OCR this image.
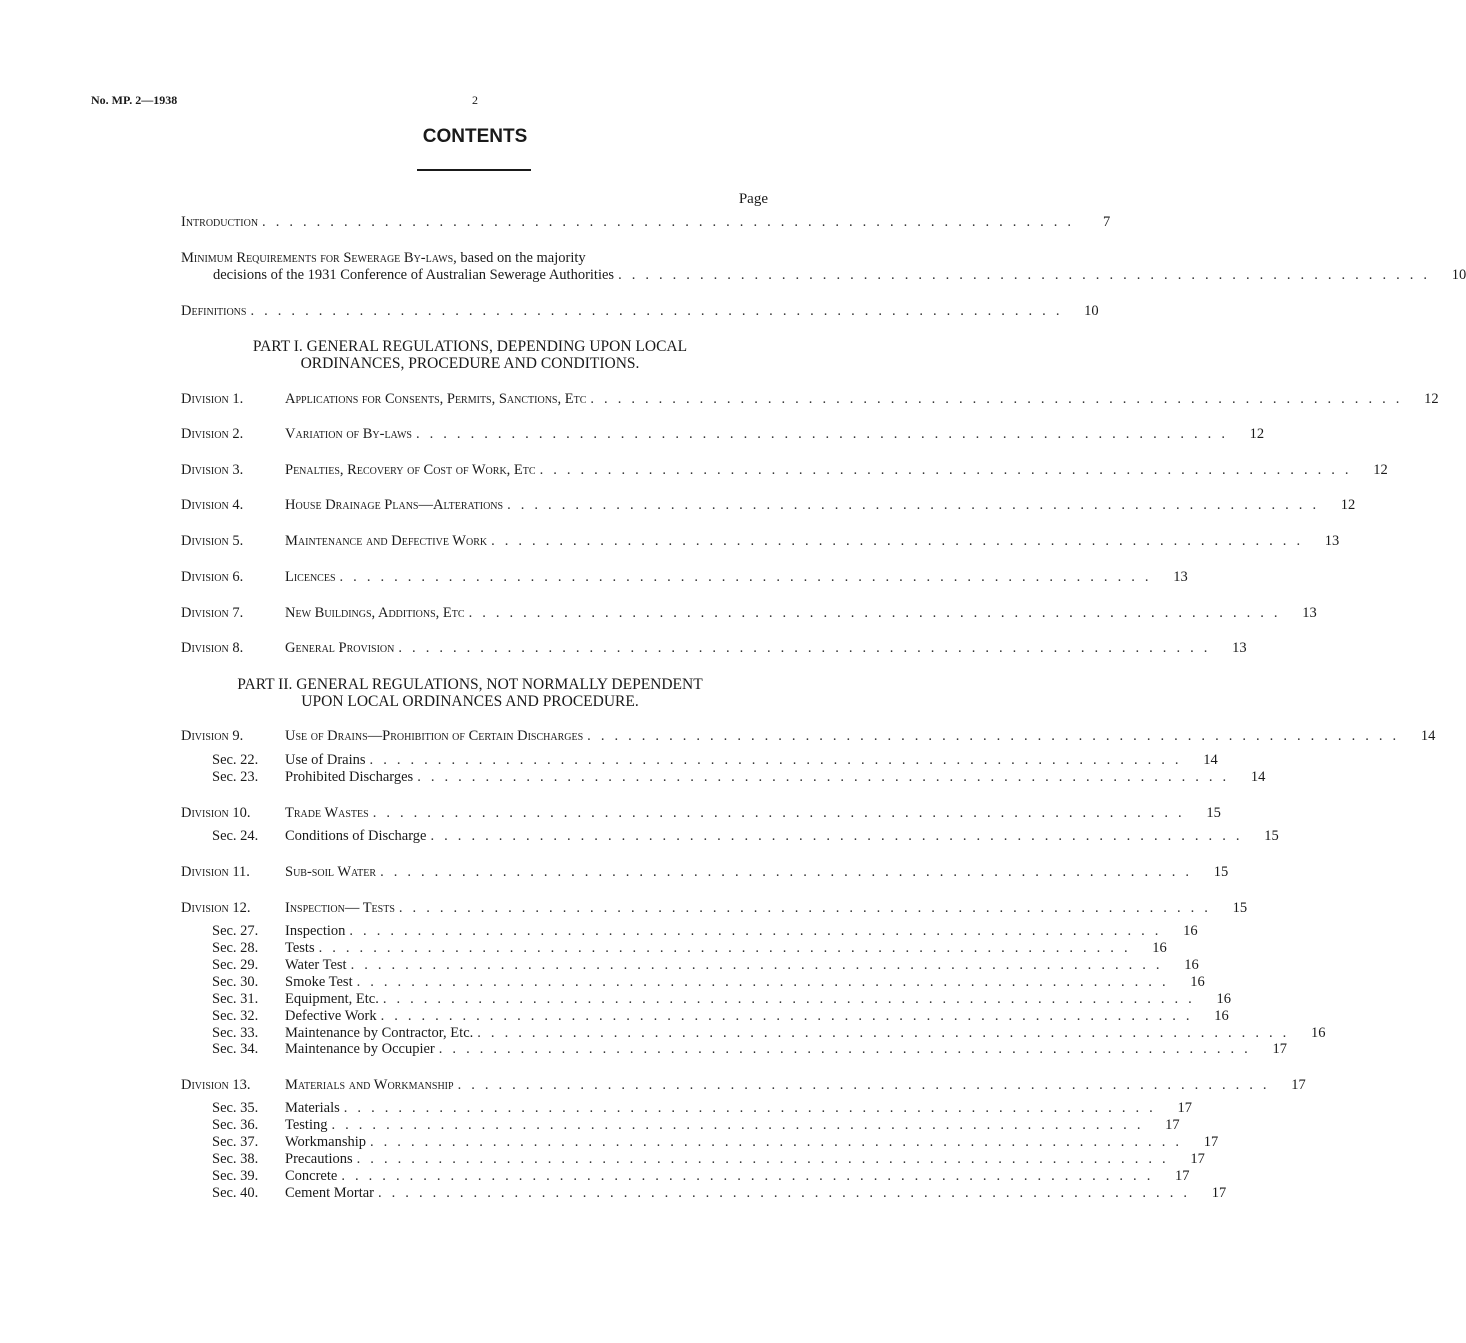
No. MP. 2—1938	2
CONTENTS
Page
Introduction . . . . . . . . . . . . . . . . . . . . . . . . . . . . . . . . . . . . . . . . . . . . . . . . . . . . . . . . . . . .	7
Minimum Requirements for Sewerage By-laws, based on the majority
decisions of the 1931 Conference of Australian Sewerage Authorities . . . . . . . . . . . . . . . . . . . . . . . . . . . . . . . . . . . . . . . . . . . . . . . . . . . . . . . . . . . .	10
Definitions . . . . . . . . . . . . . . . . . . . . . . . . . . . . . . . . . . . . . . . . . . . . . . . . . . . . . . . . . . . .	10
PART I. GENERAL REGULATIONS, DEPENDING UPON LOCAL
ORDINANCES, PROCEDURE AND CONDITIONS.
Division 1.	Applications for Consents, Permits, Sanctions, Etc . . . . . . . . . . . . . . . . . . . . . . . . . . . . . . . . . . . . . . . . . . . . . . . . . . . . . . . . . . . .	12
Division 2.	Variation of By-laws . . . . . . . . . . . . . . . . . . . . . . . . . . . . . . . . . . . . . . . . . . . . . . . . . . . . . . . . . . . .	12
Division 3.	Penalties, Recovery of Cost of Work, Etc . . . . . . . . . . . . . . . . . . . . . . . . . . . . . . . . . . . . . . . . . . . . . . . . . . . . . . . . . . . .	12
Division 4.	House Drainage Plans—Alterations . . . . . . . . . . . . . . . . . . . . . . . . . . . . . . . . . . . . . . . . . . . . . . . . . . . . . . . . . . . .	12
Division 5.	Maintenance and Defective Work . . . . . . . . . . . . . . . . . . . . . . . . . . . . . . . . . . . . . . . . . . . . . . . . . . . . . . . . . . . .	13
Division 6.	Licences . . . . . . . . . . . . . . . . . . . . . . . . . . . . . . . . . . . . . . . . . . . . . . . . . . . . . . . . . . . .	13
Division 7.	New Buildings, Additions, Etc . . . . . . . . . . . . . . . . . . . . . . . . . . . . . . . . . . . . . . . . . . . . . . . . . . . . . . . . . . . .	13
Division 8.	General Provision . . . . . . . . . . . . . . . . . . . . . . . . . . . . . . . . . . . . . . . . . . . . . . . . . . . . . . . . . . . .	13
PART II. GENERAL REGULATIONS, NOT NORMALLY DEPENDENT
UPON LOCAL ORDINANCES AND PROCEDURE.
Division 9.	Use of Drains—Prohibition of Certain Discharges . . . . . . . . . . . . . . . . . . . . . . . . . . . . . . . . . . . . . . . . . . . . . . . . . . . . . . . . . . . .	14
Sec. 22.	Use of Drains . . . . . . . . . . . . . . . . . . . . . . . . . . . . . . . . . . . . . . . . . . . . . . . . . . . . . . . . . . . .	14
Sec. 23.	Prohibited Discharges . . . . . . . . . . . . . . . . . . . . . . . . . . . . . . . . . . . . . . . . . . . . . . . . . . . . . . . . . . . .	14
Division 10.	Trade Wastes . . . . . . . . . . . . . . . . . . . . . . . . . . . . . . . . . . . . . . . . . . . . . . . . . . . . . . . . . . . .	15
Sec. 24.	Conditions of Discharge . . . . . . . . . . . . . . . . . . . . . . . . . . . . . . . . . . . . . . . . . . . . . . . . . . . . . . . . . . . .	15
Division 11.	Sub-soil Water . . . . . . . . . . . . . . . . . . . . . . . . . . . . . . . . . . . . . . . . . . . . . . . . . . . . . . . . . . . .	15
Division 12.	Inspection— Tests . . . . . . . . . . . . . . . . . . . . . . . . . . . . . . . . . . . . . . . . . . . . . . . . . . . . . . . . . . . .	15
Sec. 27.	Inspection . . . . . . . . . . . . . . . . . . . . . . . . . . . . . . . . . . . . . . . . . . . . . . . . . . . . . . . . . . . .	16
Sec. 28.	Tests . . . . . . . . . . . . . . . . . . . . . . . . . . . . . . . . . . . . . . . . . . . . . . . . . . . . . . . . . . . .	16
Sec. 29.	Water Test . . . . . . . . . . . . . . . . . . . . . . . . . . . . . . . . . . . . . . . . . . . . . . . . . . . . . . . . . . . .	16
Sec. 30.	Smoke Test . . . . . . . . . . . . . . . . . . . . . . . . . . . . . . . . . . . . . . . . . . . . . . . . . . . . . . . . . . . .	16
Sec. 31.	Equipment, Etc. . . . . . . . . . . . . . . . . . . . . . . . . . . . . . . . . . . . . . . . . . . . . . . . . . . . . . . . . . . . .	16
Sec. 32.	Defective Work . . . . . . . . . . . . . . . . . . . . . . . . . . . . . . . . . . . . . . . . . . . . . . . . . . . . . . . . . . . .	16
Sec. 33.	Maintenance by Contractor, Etc. . . . . . . . . . . . . . . . . . . . . . . . . . . . . . . . . . . . . . . . . . . . . . . . . . . . . . . . . . . . .	16
Sec. 34.	Maintenance by Occupier . . . . . . . . . . . . . . . . . . . . . . . . . . . . . . . . . . . . . . . . . . . . . . . . . . . . . . . . . . . .	17
Division 13.	Materials and Workmanship . . . . . . . . . . . . . . . . . . . . . . . . . . . . . . . . . . . . . . . . . . . . . . . . . . . . . . . . . . . .	17
Sec. 35.	Materials . . . . . . . . . . . . . . . . . . . . . . . . . . . . . . . . . . . . . . . . . . . . . . . . . . . . . . . . . . . .	17
Sec. 36.	Testing . . . . . . . . . . . . . . . . . . . . . . . . . . . . . . . . . . . . . . . . . . . . . . . . . . . . . . . . . . . .	17
Sec. 37.	Workmanship . . . . . . . . . . . . . . . . . . . . . . . . . . . . . . . . . . . . . . . . . . . . . . . . . . . . . . . . . . . .	17
Sec. 38.	Precautions . . . . . . . . . . . . . . . . . . . . . . . . . . . . . . . . . . . . . . . . . . . . . . . . . . . . . . . . . . . .	17
Sec. 39.	Concrete . . . . . . . . . . . . . . . . . . . . . . . . . . . . . . . . . . . . . . . . . . . . . . . . . . . . . . . . . . . .	17
Sec. 40.	Cement Mortar . . . . . . . . . . . . . . . . . . . . . . . . . . . . . . . . . . . . . . . . . . . . . . . . . . . . . . . . . . . .	17
